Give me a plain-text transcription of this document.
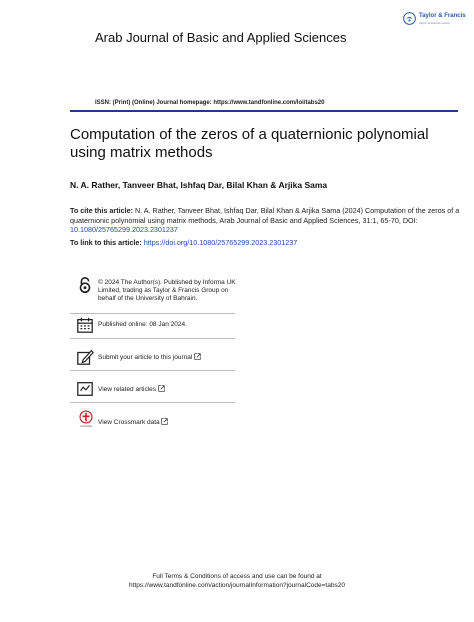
Taylor & Francis
Taylor & Francis Group
Arab Journal of Basic and Applied Sciences
ISSN: (Print) (Online) Journal homepage: https://www.tandfonline.com/loi/tabs20
Computation of the zeros of a quaternionic polynomial using matrix methods
N. A. Rather, Tanveer Bhat, Ishfaq Dar, Bilal Khan & Arjika Sama
To cite this article: N. A. Rather, Tanveer Bhat, Ishfaq Dar, Bilal Khan & Arjika Sama (2024) Computation of the zeros of a quaternionic polynomial using matrix methods, Arab Journal of Basic and Applied Sciences, 31:1, 65-70, DOI: 10.1080/25765299.2023.2301237
To link to this article: https://doi.org/10.1080/25765299.2023.2301237
© 2024 The Author(s). Published by Informa UK Limited, trading as Taylor & Francis Group on behalf of the University of Bahrain.
Published online: 08 Jan 2024.
Submit your article to this journal
View related articles
CrossMark
View Crossmark data
Full Terms & Conditions of access and use can be found at
https://www.tandfonline.com/action/journalInformation?journalCode=tabs20
